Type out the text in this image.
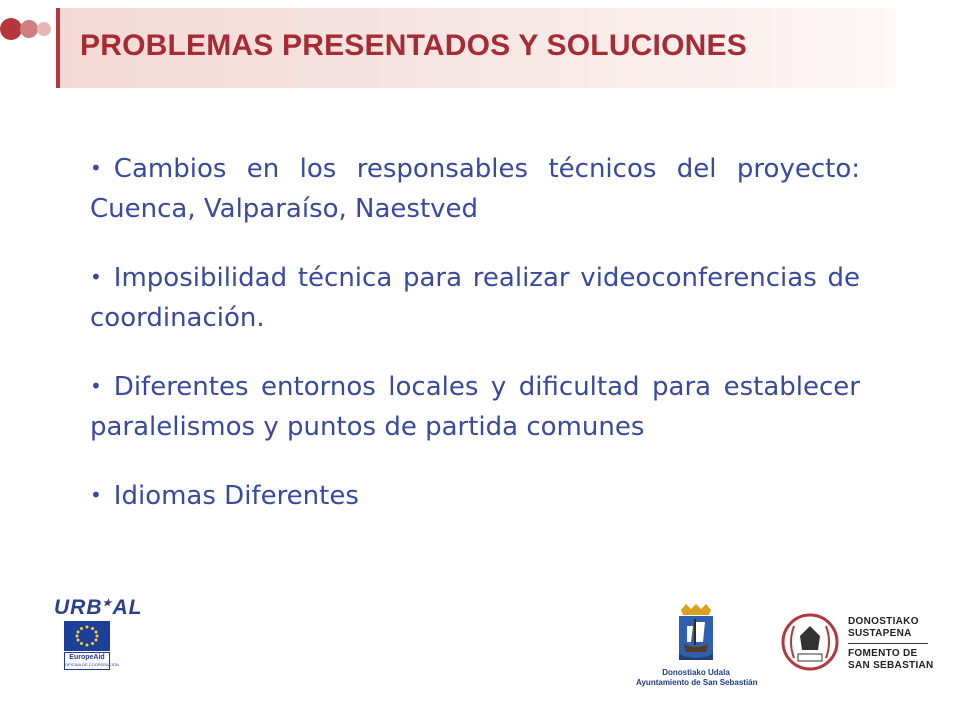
PROBLEMAS PRESENTADOS Y SOLUCIONES
• Cambios en los responsables técnicos del proyecto: Cuenca, Valparaíso, Naestved
• Imposibilidad técnica para realizar videoconferencias de coordinación.
• Diferentes entornos locales y dificultad para establecer paralelismos y puntos de partida comunes
• Idiomas Diferentes
URB★AL
EuropeAid
OFICINA DE COOPERACIÓN
Donostiako Udala
Ayuntamiento de San Sebastián
DONOSTIAKO
SUSTAPENA
FOMENTO DE
SAN SEBASTIAN
